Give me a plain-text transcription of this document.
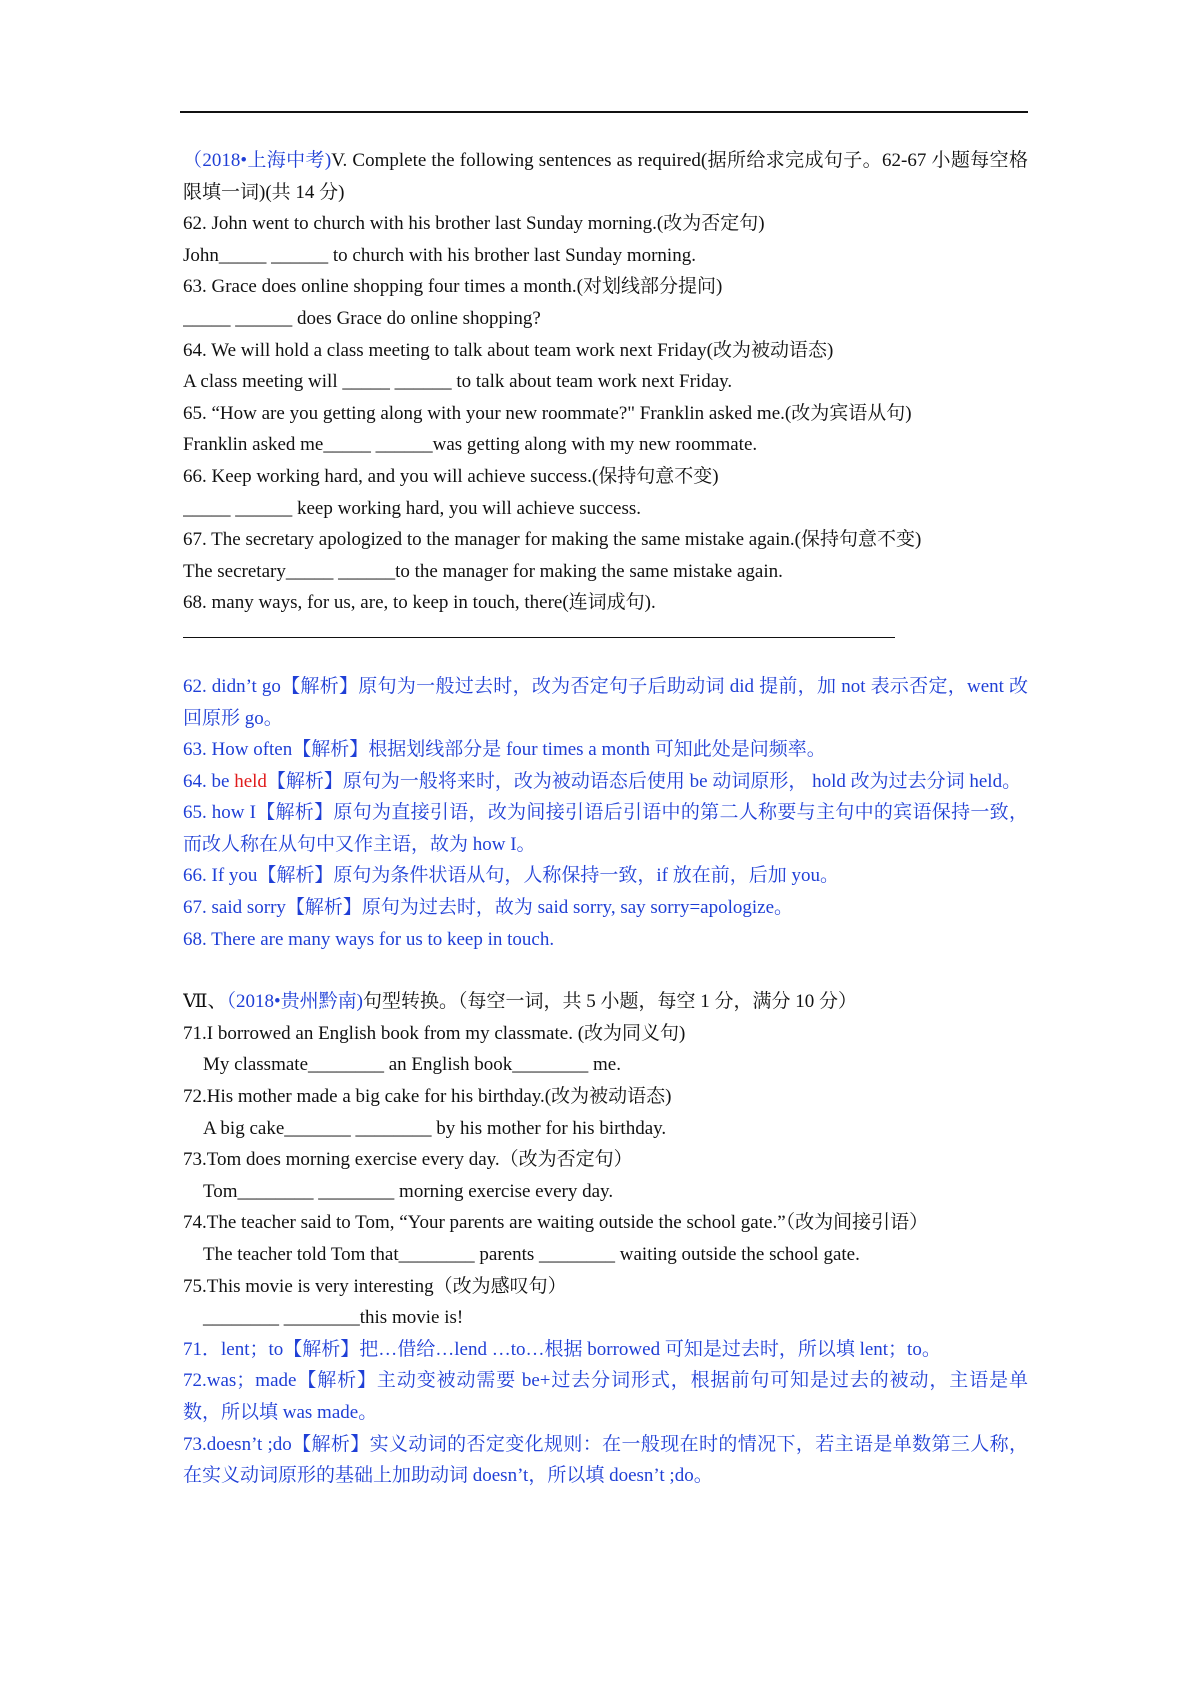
（2018•上海中考)V. Complete the following sentences as required(据所给求完成句子。62-67 小题每空格限填一词)(共 14 分)
62. John went to church with his brother last Sunday morning.(改为否定句)
John_____ ______ to church with his brother last Sunday morning.
63. Grace does online shopping four times a month.(对划线部分提问)
_____ ______ does Grace do online shopping?
64. We will hold a class meeting to talk about team work next Friday(改为被动语态)
A class meeting will _____ ______ to talk about team work next Friday.
65. “How are you getting along with your new roommate?" Franklin asked me.(改为宾语从句)
Franklin asked me_____ ______was getting along with my new roommate.
66. Keep working hard, and you will achieve success.(保持句意不变)
_____ ______ keep working hard, you will achieve success.
67. The secretary apologized to the manager for making the same mistake again.(保持句意不变)
The secretary_____ ______to the manager for making the same mistake again.
68. many ways, for us, are, to keep in touch, there(连词成句).
62. didn’t go【解析】原句为一般过去时，改为否定句子后助动词 did 提前，加 not 表示否定，went 改回原形 go。
63. How often【解析】根据划线部分是 four times a month 可知此处是问频率。
64. be held【解析】原句为一般将来时，改为被动语态后使用 be 动词原形， hold 改为过去分词 held。
65. how I【解析】原句为直接引语，改为间接引语后引语中的第二人称要与主句中的宾语保持一致，而改人称在从句中又作主语，故为 how I。
66. If you【解析】原句为条件状语从句，人称保持一致，if 放在前，后加 you。
67. said sorry【解析】原句为过去时，故为 said sorry, say sorry=apologize。
68. There are many ways for us to keep in touch.
Ⅶ、（2018•贵州黔南)句型转换。（每空一词，共 5 小题，每空 1 分，满分 10 分）
71.I borrowed an English book from my classmate. (改为同义句)
My classmate________ an English book________ me.
72.His mother made a big cake for his birthday.(改为被动语态)
A big cake_______ ________ by his mother for his birthday.
73.Tom does morning exercise every day.（改为否定句）
Tom________ ________ morning exercise every day.
74.The teacher said to Tom, “Your parents are waiting outside the school gate.”（改为间接引语）
The teacher told Tom that________ parents ________ waiting outside the school gate.
75.This movie is very interesting（改为感叹句）
________ ________this movie is!
71．lent；to【解析】把…借给…lend …to…根据 borrowed 可知是过去时，所以填 lent；to。
72.was；made【解析】主动变被动需要 be+过去分词形式，根据前句可知是过去的被动，主语是单数，所以填 was made。
73.doesn’t ;do【解析】实义动词的否定变化规则：在一般现在时的情况下，若主语是单数第三人称，在实义动词原形的基础上加助动词 doesn’t，所以填 doesn’t ;do。
